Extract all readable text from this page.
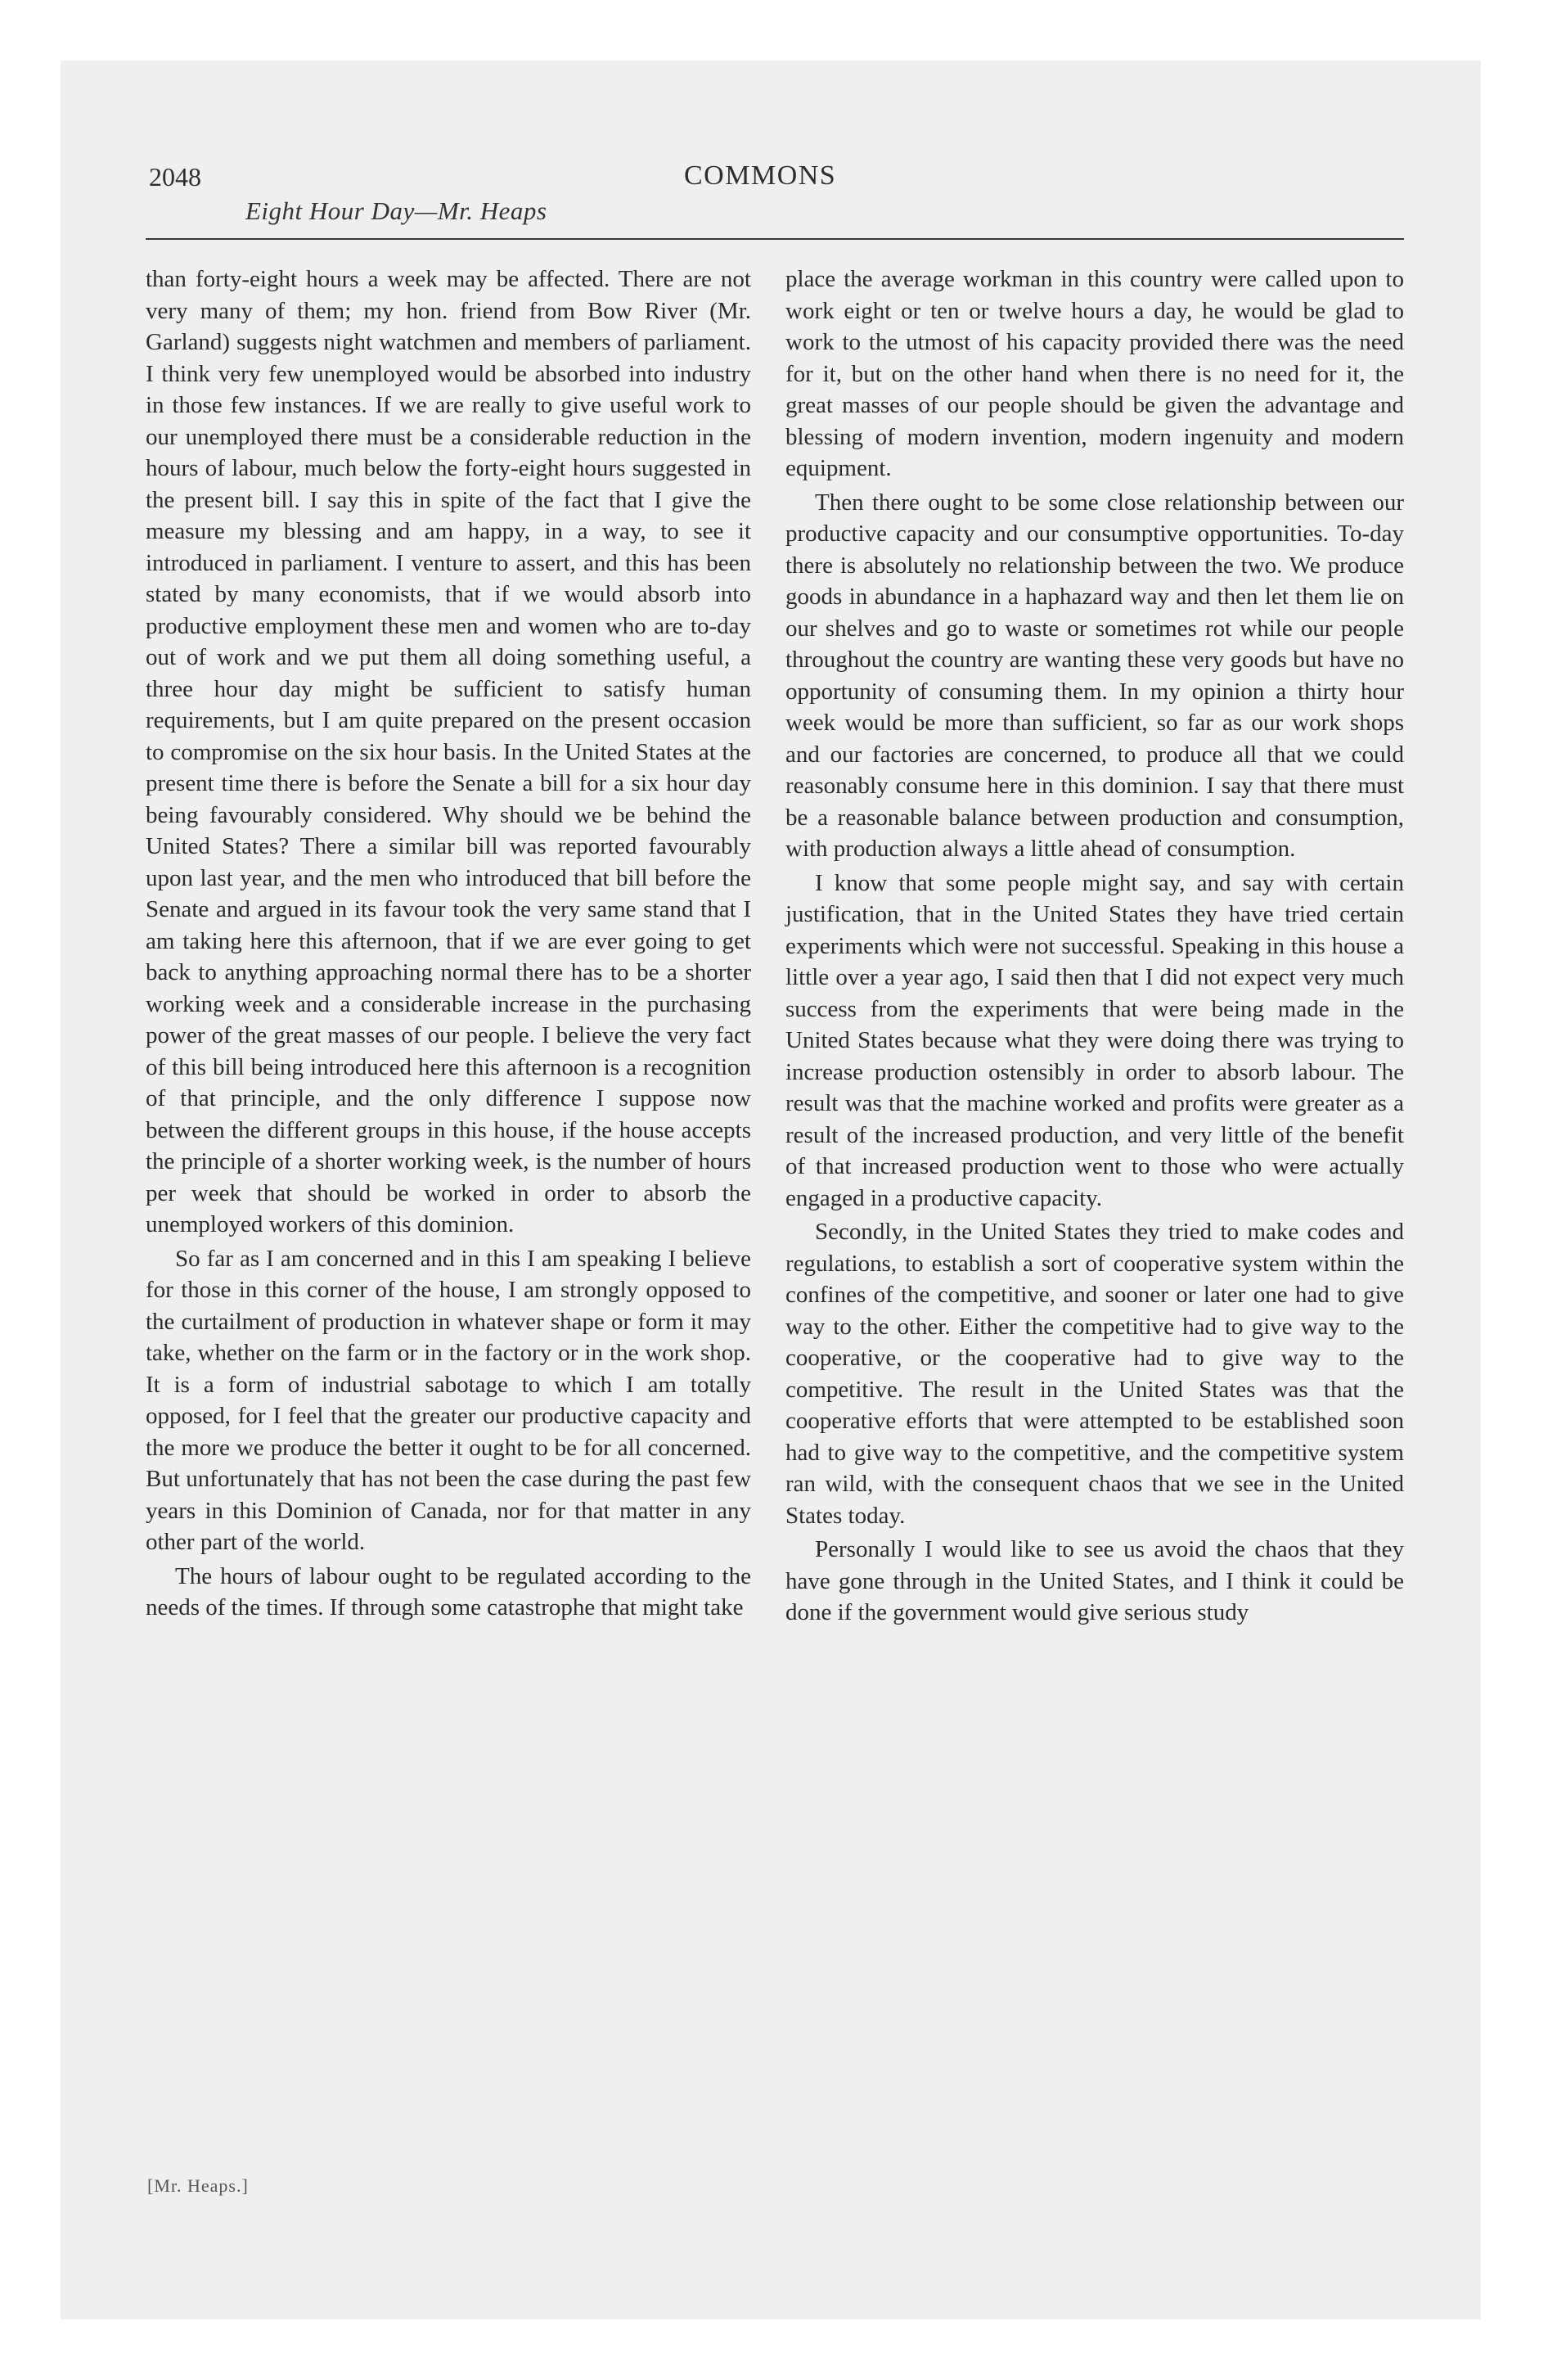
2048	COMMONS
Eight Hour Day—Mr. Heaps

than forty-eight hours a week may be affected. There are not very many of them; my hon. friend from Bow River (Mr. Garland) suggests night watchmen and members of parliament. I think very few unemployed would be absorbed into industry in those few instances. If we are really to give useful work to our unemployed there must be a considerable reduction in the hours of labour, much below the forty-eight hours suggested in the present bill. I say this in spite of the fact that I give the measure my blessing and am happy, in a way, to see it introduced in parliament. I venture to assert, and this has been stated by many economists, that if we would absorb into productive employment these men and women who are to-day out of work and we put them all doing something useful, a three hour day might be sufficient to satisfy human requirements, but I am quite prepared on the present occasion to compromise on the six hour basis. In the United States at the present time there is before the Senate a bill for a six hour day being favourably considered. Why should we be behind the United States? There a similar bill was reported favourably upon last year, and the men who introduced that bill before the Senate and argued in its favour took the very same stand that I am taking here this afternoon, that if we are ever going to get back to anything approaching normal there has to be a shorter working week and a considerable increase in the purchasing power of the great masses of our people. I believe the very fact of this bill being introduced here this afternoon is a recognition of that principle, and the only difference I suppose now between the different groups in this house, if the house accepts the principle of a shorter working week, is the number of hours per week that should be worked in order to absorb the unemployed workers of this dominion.

So far as I am concerned and in this I am speaking I believe for those in this corner of the house, I am strongly opposed to the curtailment of production in whatever shape or form it may take, whether on the farm or in the factory or in the work shop. It is a form of industrial sabotage to which I am totally opposed, for I feel that the greater our productive capacity and the more we produce the better it ought to be for all concerned. But unfortunately that has not been the case during the past few years in this Dominion of Canada, nor for that matter in any other part of the world.

The hours of labour ought to be regulated according to the needs of the times. If through some catastrophe that might take

place the average workman in this country were called upon to work eight or ten or twelve hours a day, he would be glad to work to the utmost of his capacity provided there was the need for it, but on the other hand when there is no need for it, the great masses of our people should be given the advantage and blessing of modern invention, modern ingenuity and modern equipment.

Then there ought to be some close relationship between our productive capacity and our consumptive opportunities. To-day there is absolutely no relationship between the two. We produce goods in abundance in a haphazard way and then let them lie on our shelves and go to waste or sometimes rot while our people throughout the country are wanting these very goods but have no opportunity of consuming them. In my opinion a thirty hour week would be more than sufficient, so far as our work shops and our factories are concerned, to produce all that we could reasonably consume here in this dominion. I say that there must be a reasonable balance between production and consumption, with production always a little ahead of consumption.

I know that some people might say, and say with certain justification, that in the United States they have tried certain experiments which were not successful. Speaking in this house a little over a year ago, I said then that I did not expect very much success from the experiments that were being made in the United States because what they were doing there was trying to increase production ostensibly in order to absorb labour. The result was that the machine worked and profits were greater as a result of the increased production, and very little of the benefit of that increased production went to those who were actually engaged in a productive capacity.

Secondly, in the United States they tried to make codes and regulations, to establish a sort of cooperative system within the confines of the competitive, and sooner or later one had to give way to the other. Either the competitive had to give way to the cooperative, or the cooperative had to give way to the competitive. The result in the United States was that the cooperative efforts that were attempted to be established soon had to give way to the competitive, and the competitive system ran wild, with the consequent chaos that we see in the United States today.

Personally I would like to see us avoid the chaos that they have gone through in the United States, and I think it could be done if the government would give serious study

[Mr. Heaps.]
